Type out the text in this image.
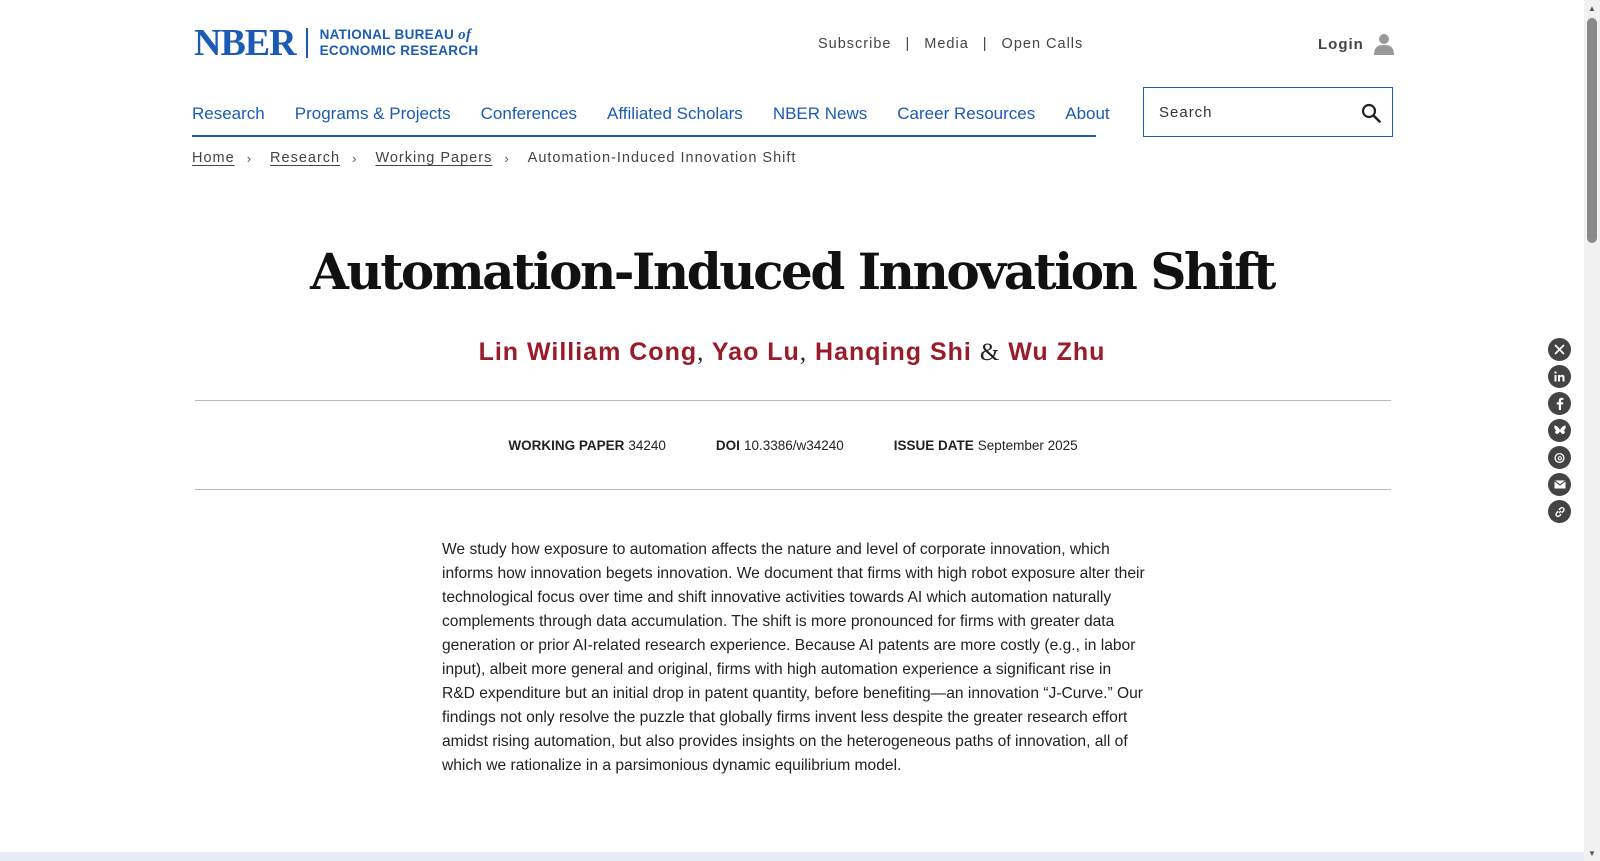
NBER NATIONAL BUREAU of
ECONOMIC RESEARCH	Subscribe | Media | Open Calls	Login
Research Programs & Projects Conferences Affiliated Scholars NBER News Career Resources About
Search
Home › Research › Working Papers › Automation-Induced Innovation Shift
Automation-Induced Innovation Shift
Lin William Cong, Yao Lu, Hanqing Shi & Wu Zhu
WORKING PAPER 34240	DOI 10.3386/w34240	ISSUE DATE September 2025

We study how exposure to automation affects the nature and level of corporate innovation, which informs how innovation begets innovation. We document that firms with high robot exposure alter their technological focus over time and shift innovative activities towards AI which automation naturally complements through data accumulation. The shift is more pronounced for firms with greater data generation or prior AI-related research experience. Because AI patents are more costly (e.g., in labor input), albeit more general and original, firms with high automation experience a significant rise in R&D expenditure but an initial drop in patent quantity, before benefiting—an innovation “J-Curve.” Our findings not only resolve the puzzle that globally firms invent less despite the greater research effort amidst rising automation, but also provides insights on the heterogeneous paths of innovation, all of which we rationalize in a parsimonious dynamic equilibrium model.

▲
▼
